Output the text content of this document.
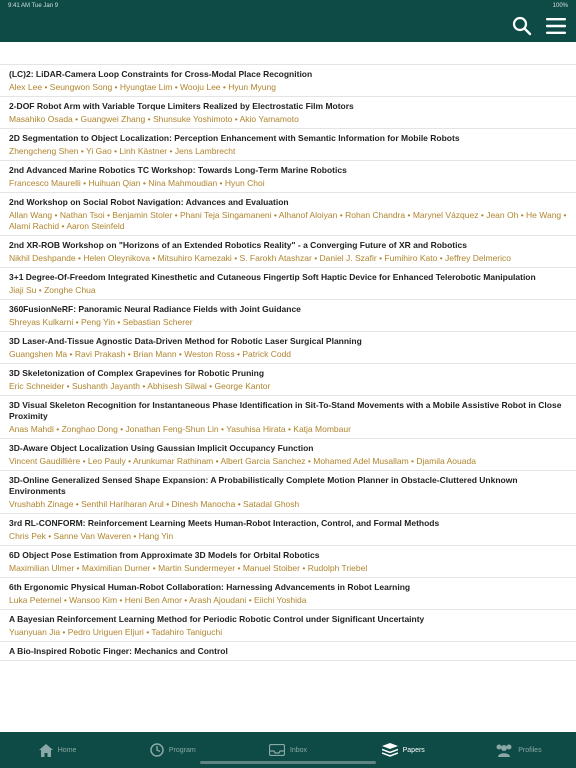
9:41 AM Tue Jan 9	100%
(LC)2: LiDAR-Camera Loop Constraints for Cross-Modal Place Recognition
Alex Lee • Seungwon Song • Hyungtae Lim • Wooju Lee • Hyun Myung
2-DOF Robot Arm with Variable Torque Limiters Realized by Electrostatic Film Motors
Masahiko Osada • Guangwei Zhang • Shunsuke Yoshimoto • Akio Yamamoto
2D Segmentation to Object Localization: Perception Enhancement with Semantic Information for Mobile Robots
Zhengcheng Shen • Yi Gao • Linh Kästner • Jens Lambrecht
2nd Advanced Marine Robotics TC Workshop: Towards Long-Term Marine Robotics
Francesco Maurelli • Huihuan Qian • Nina Mahmoudian • Hyun Choi
2nd Workshop on Social Robot Navigation: Advances and Evaluation
Allan Wang • Nathan Tsoi • Benjamin Stoler • Phani Teja Singamaneni • Alhanof Aloiyan • Rohan Chandra • Marynel Vázquez • Jean Oh • He Wang • Alami Rachid • Aaron Steinfeld
2nd XR-ROB Workshop on "Horizons of an Extended Robotics Reality" - a Converging Future of XR and Robotics
Nikhil Deshpande • Helen Oleynikova • Mitsuhiro Kamezaki • S. Farokh Atashzar • Daniel J. Szafir • Fumihiro Kato • Jeffrey Delmerico
3+1 Degree-Of-Freedom Integrated Kinesthetic and Cutaneous Fingertip Soft Haptic Device for Enhanced Telerobotic Manipulation
Jiaji Su • Zonghe Chua
360FusionNeRF: Panoramic Neural Radiance Fields with Joint Guidance
Shreyas Kulkarni • Peng Yin • Sebastian Scherer
3D Laser-And-Tissue Agnostic Data-Driven Method for Robotic Laser Surgical Planning
Guangshen Ma • Ravi Prakash • Brian Mann • Weston Ross • Patrick Codd
3D Skeletonization of Complex Grapevines for Robotic Pruning
Eric Schneider • Sushanth Jayanth • Abhisesh Silwal • George Kantor
3D Visual Skeleton Recognition for Instantaneous Phase Identification in Sit-To-Stand Movements with a Mobile Assistive Robot in Close Proximity
Anas Mahdi • Zonghao Dong • Jonathan Feng-Shun Lin • Yasuhisa Hirata • Katja Mombaur
3D-Aware Object Localization Using Gaussian Implicit Occupancy Function
Vincent Gaudillière • Leo Pauly • Arunkumar Rathinam • Albert Garcia Sanchez • Mohamed Adel Musallam • Djamila Aouada
3D-Online Generalized Sensed Shape Expansion: A Probabilistically Complete Motion Planner in Obstacle-Cluttered Unknown Environments
Vrushabh Zinage • Senthil Hariharan Arul • Dinesh Manocha • Satadal Ghosh
3rd RL-CONFORM: Reinforcement Learning Meets Human-Robot Interaction, Control, and Formal Methods
Chris Pek • Sanne Van Waveren • Hang Yin
6D Object Pose Estimation from Approximate 3D Models for Orbital Robotics
Maximilian Ulmer • Maximilian Durner • Martin Sundermeyer • Manuel Stoiber • Rudolph Triebel
6th Ergonomic Physical Human-Robot Collaboration: Harnessing Advancements in Robot Learning
Luka Peternel • Wansoo Kim • Heni Ben Amor • Arash Ajoudani • Eiichi Yoshida
A Bayesian Reinforcement Learning Method for Periodic Robotic Control under Significant Uncertainty
Yuanyuan Jia • Pedro Uriguen Eljuri • Tadahiro Taniguchi
A Bio-Inspired Robotic Finger: Mechanics and Control
Home	Program	Inbox	Papers	Profiles
